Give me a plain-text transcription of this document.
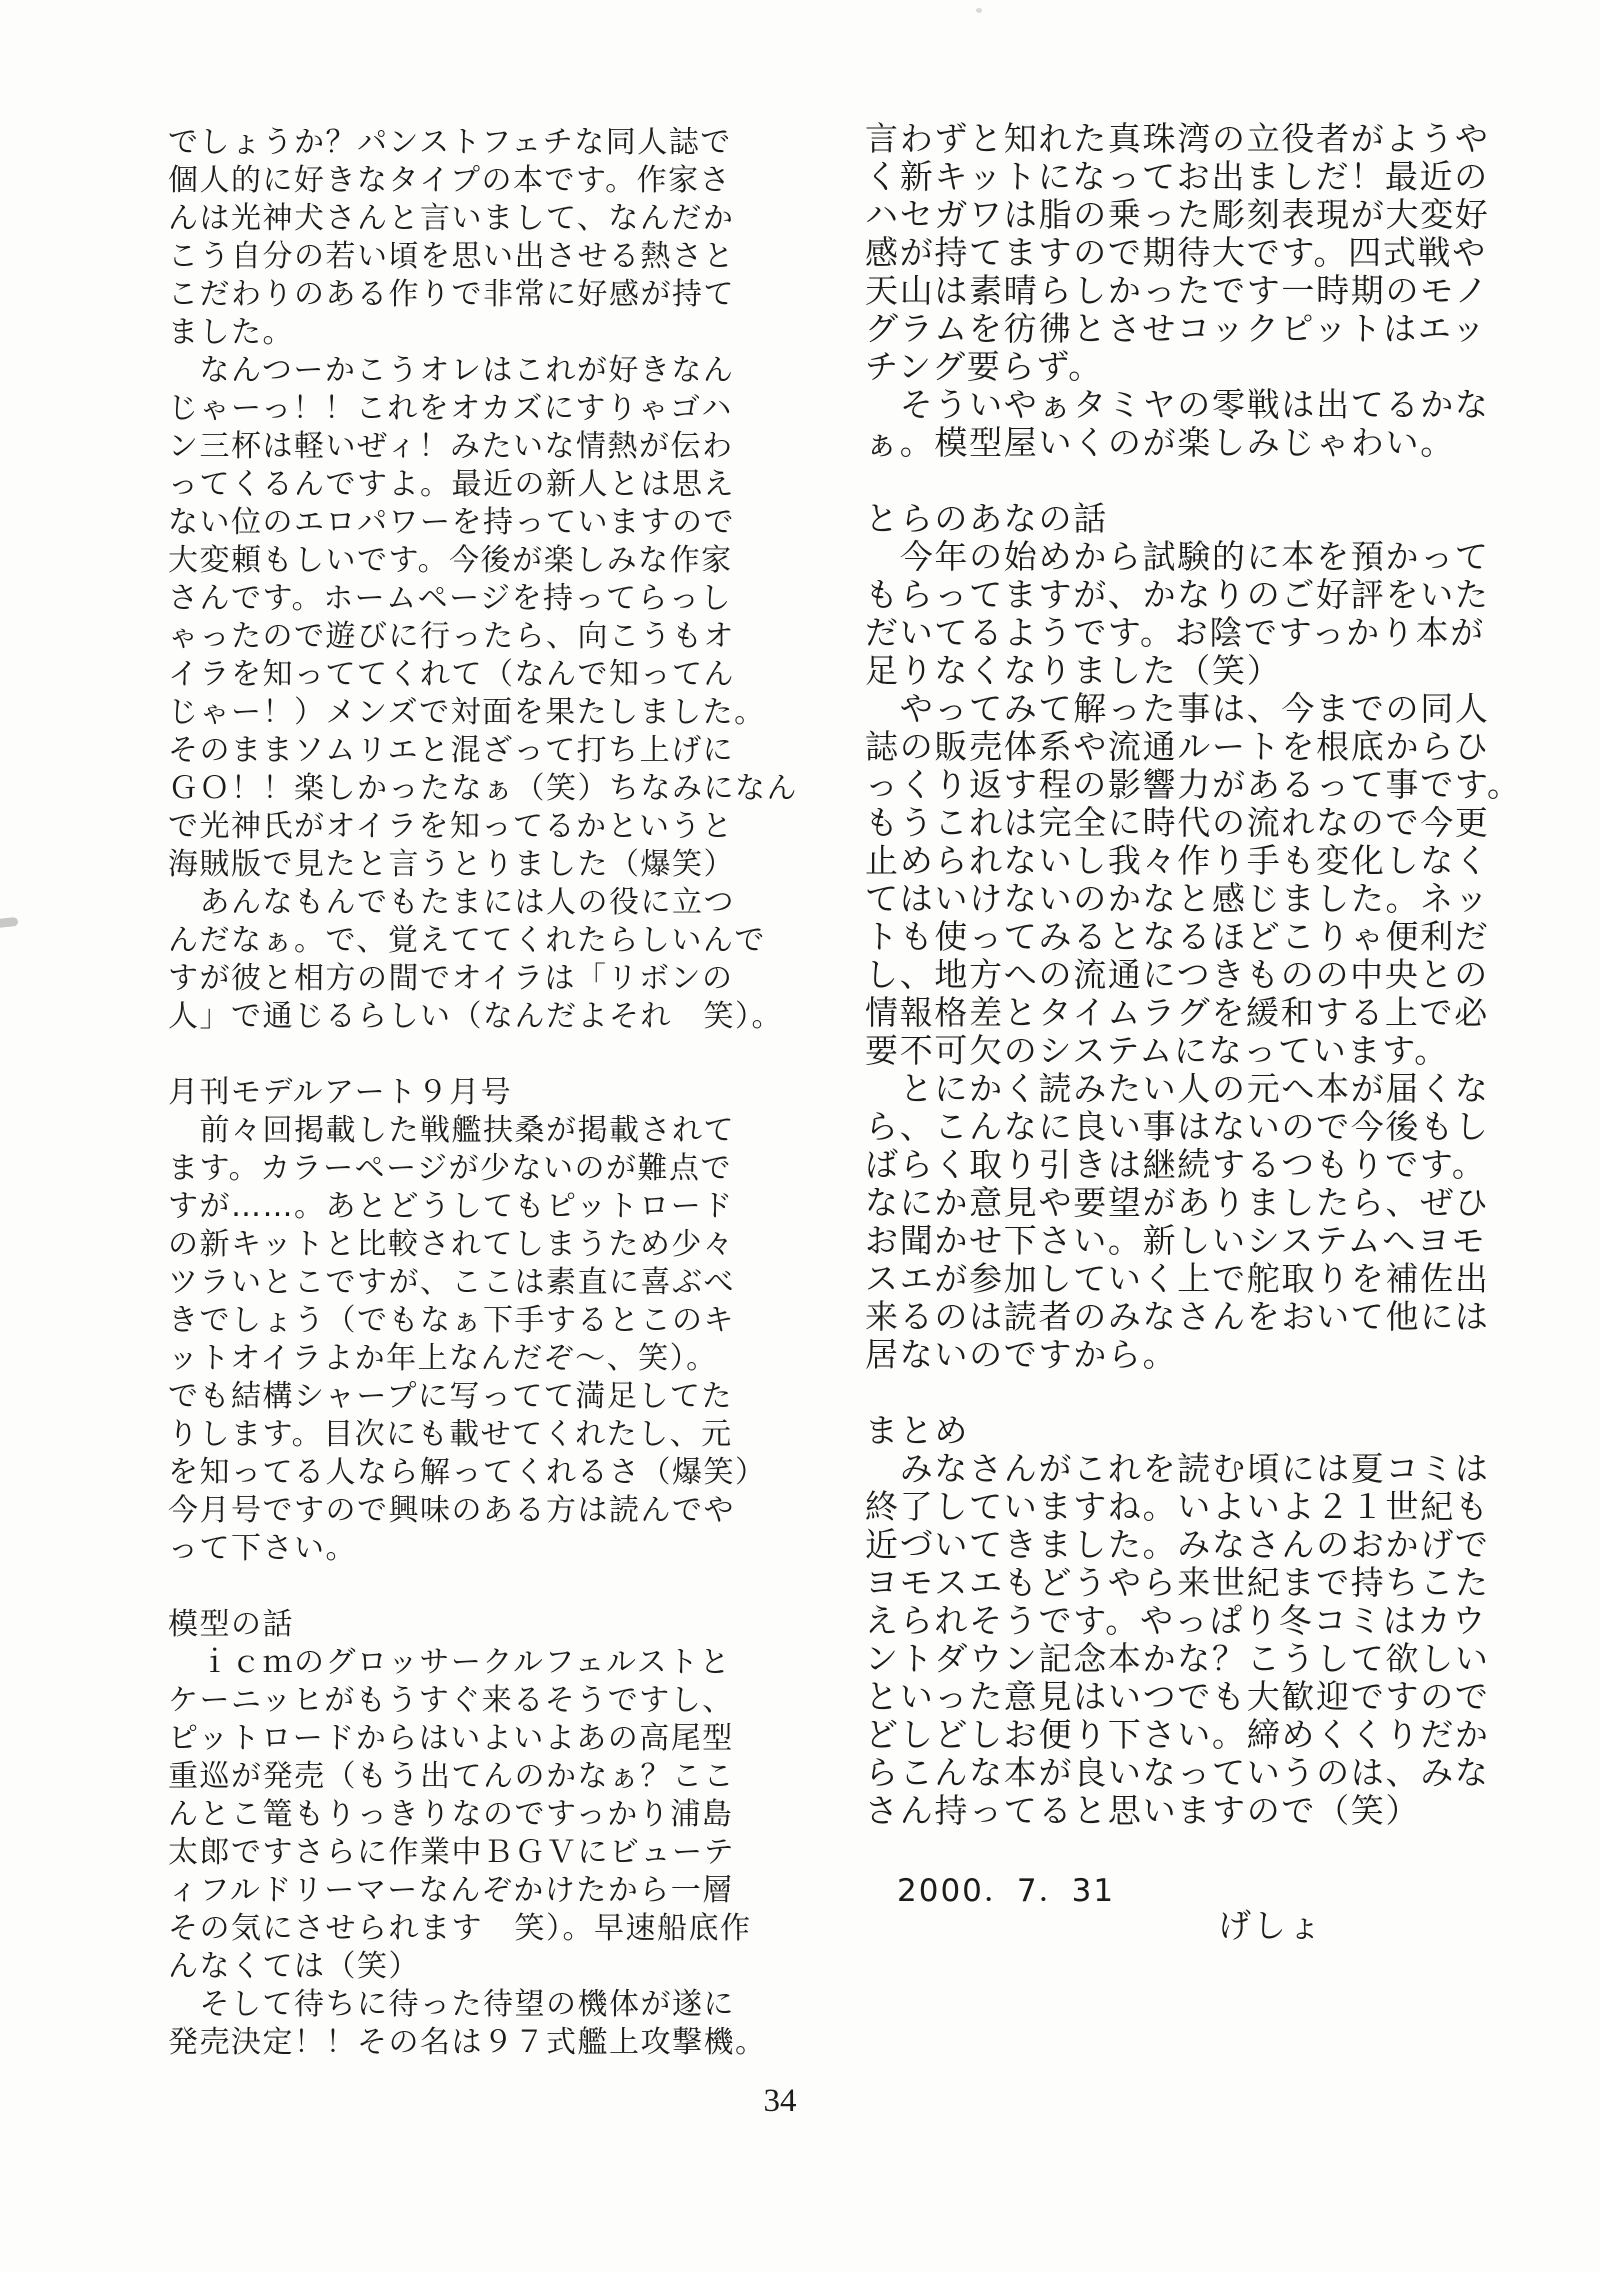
でしょうか？パンストフェチな同人誌で
個人的に好きなタイプの本です。作家さ
んは光神犬さんと言いまして、なんだか
こう自分の若い頃を思い出させる熱さと
こだわりのある作りで非常に好感が持て
ました。
　なんつーかこうオレはこれが好きなん
じゃーっ！！これをオカズにすりゃゴハ
ン三杯は軽いぜィ！みたいな情熱が伝わ
ってくるんですよ。最近の新人とは思え
ない位のエロパワーを持っていますので
大変頼もしいです。今後が楽しみな作家
さんです。ホームページを持ってらっし
ゃったので遊びに行ったら、向こうもオ
イラを知っててくれて（なんで知ってん
じゃー！）メンズで対面を果たしました。
そのままソムリエと混ざって打ち上げに
ＧＯ！！楽しかったなぁ（笑）ちなみになん
で光神氏がオイラを知ってるかというと
海賊版で見たと言うとりました（爆笑）
　あんなもんでもたまには人の役に立つ
んだなぁ。で、覚えててくれたらしいんで
すが彼と相方の間でオイラは「リボンの
人」で通じるらしい（なんだよそれ　笑）。
月刊モデルアート９月号
　前々回掲載した戦艦扶桑が掲載されて
ます。カラーページが少ないのが難点で
すが……。あとどうしてもピットロード
の新キットと比較されてしまうため少々
ツラいとこですが、ここは素直に喜ぶべ
きでしょう（でもなぁ下手するとこのキ
ットオイラよか年上なんだぞ～、笑）。
でも結構シャープに写ってて満足してた
りします。目次にも載せてくれたし、元
を知ってる人なら解ってくれるさ（爆笑）
今月号ですので興味のある方は読んでや
って下さい。
模型の話
　ｉｃｍのグロッサークルフェルストと
ケーニッヒがもうすぐ来るそうですし、
ピットロードからはいよいよあの高尾型
重巡が発売（もう出てんのかなぁ？ここ
んとこ篭もりっきりなのですっかり浦島
太郎ですさらに作業中ＢＧＶにビューテ
ィフルドリーマーなんぞかけたから一層
その気にさせられます　笑）。早速船底作
んなくては（笑）
　そして待ちに待った待望の機体が遂に
発売決定！！その名は９７式艦上攻撃機。
言わずと知れた真珠湾の立役者がようや
く新キットになってお出ましだ！最近の
ハセガワは脂の乗った彫刻表現が大変好
感が持てますので期待大です。四式戦や
天山は素晴らしかったです一時期のモノ
グラムを彷彿とさせコックピットはエッ
チング要らず。
　そういやぁタミヤの零戦は出てるかな
ぁ。模型屋いくのが楽しみじゃわい。
とらのあなの話
　今年の始めから試験的に本を預かって
もらってますが、かなりのご好評をいた
だいてるようです。お陰ですっかり本が
足りなくなりました（笑）
　やってみて解った事は、今までの同人
誌の販売体系や流通ルートを根底からひ
っくり返す程の影響力があるって事です。
もうこれは完全に時代の流れなので今更
止められないし我々作り手も変化しなく
てはいけないのかなと感じました。ネッ
トも使ってみるとなるほどこりゃ便利だ
し、地方への流通につきものの中央との
情報格差とタイムラグを緩和する上で必
要不可欠のシステムになっています。
　とにかく読みたい人の元へ本が届くな
ら、こんなに良い事はないので今後もし
ばらく取り引きは継続するつもりです。
なにか意見や要望がありましたら、ぜひ
お聞かせ下さい。新しいシステムへヨモ
スエが参加していく上で舵取りを補佐出
来るのは読者のみなさんをおいて他には
居ないのですから。
まとめ
　みなさんがこれを読む頃には夏コミは
終了していますね。いよいよ２１世紀も
近づいてきました。みなさんのおかげで
ヨモスエもどうやら来世紀まで持ちこた
えられそうです。やっぱり冬コミはカウ
ントダウン記念本かな？こうして欲しい
といった意見はいつでも大歓迎ですので
どしどしお便り下さい。締めくくりだか
らこんな本が良いなっていうのは、みな
さん持ってると思いますので（笑）
2000．7．31
げしょ
34
